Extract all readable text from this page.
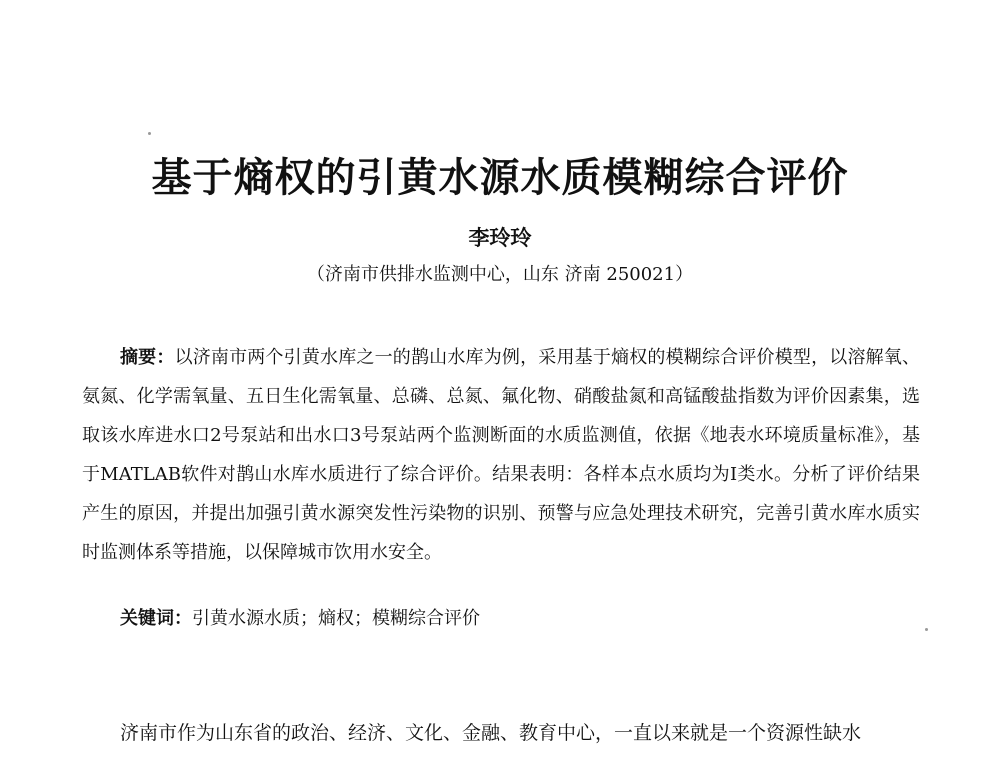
基于熵权的引黄水源水质模糊综合评价
李玲玲
（济南市供排水监测中心，山东 济南 250021）

摘要：以济南市两个引黄水库之一的鹊山水库为例，采用基于熵权的模糊综合评价模型，以溶解氧、氨氮、化学需氧量、五日生化需氧量、总磷、总氮、氟化物、硝酸盐氮和高锰酸盐指数为评价因素集，选取该水库进水口2号泵站和出水口3号泵站两个监测断面的水质监测值，依据《地表水环境质量标准》，基于MATLAB软件对鹊山水库水质进行了综合评价。结果表明：各样本点水质均为Ⅰ类水。分析了评价结果产生的原因，并提出加强引黄水源突发性污染物的识别、预警与应急处理技术研究，完善引黄水库水质实时监测体系等措施，以保障城市饮用水安全。

关键词：引黄水源水质；熵权；模糊综合评价

济南市作为山东省的政治、经济、文化、金融、教育中心，一直以来就是一个资源性缺水
